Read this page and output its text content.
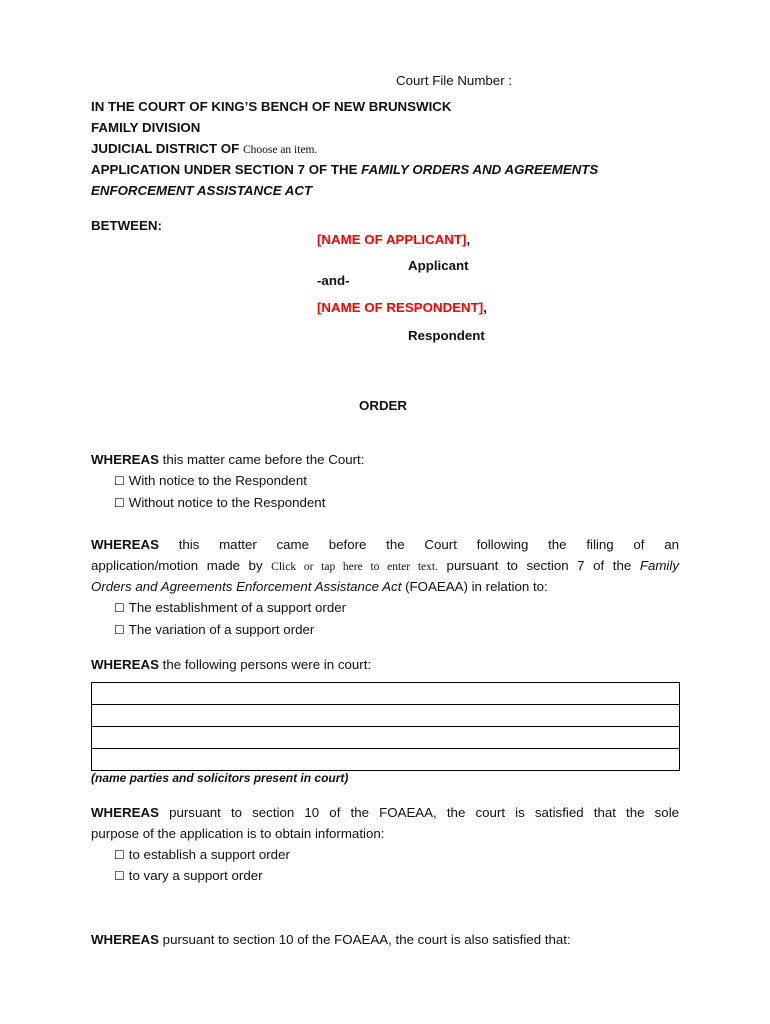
Court File Number :
IN THE COURT OF KING’S BENCH OF NEW BRUNSWICK
FAMILY DIVISION
JUDICIAL DISTRICT OF Choose an item.
APPLICATION UNDER SECTION 7 OF THE FAMILY ORDERS AND AGREEMENTS
ENFORCEMENT ASSISTANCE ACT
BETWEEN:
[NAME OF APPLICANT],
Applicant
-and-
[NAME OF RESPONDENT],
Respondent
ORDER
WHEREAS this matter came before the Court:
☐ With notice to the Respondent
☐ Without notice to the Respondent
WHEREAS this matter came before the Court following the filing of an
application/motion made by Click or tap here to enter text. pursuant to section 7 of the Family
Orders and Agreements Enforcement Assistance Act (FOAEAA) in relation to:
☐ The establishment of a support order
☐ The variation of a support order
WHEREAS the following persons were in court:

(name parties and solicitors present in court)
WHEREAS pursuant to section 10 of the FOAEAA, the court is satisfied that the sole
purpose of the application is to obtain information:
☐ to establish a support order
☐ to vary a support order
WHEREAS pursuant to section 10 of the FOAEAA, the court is also satisfied that:
